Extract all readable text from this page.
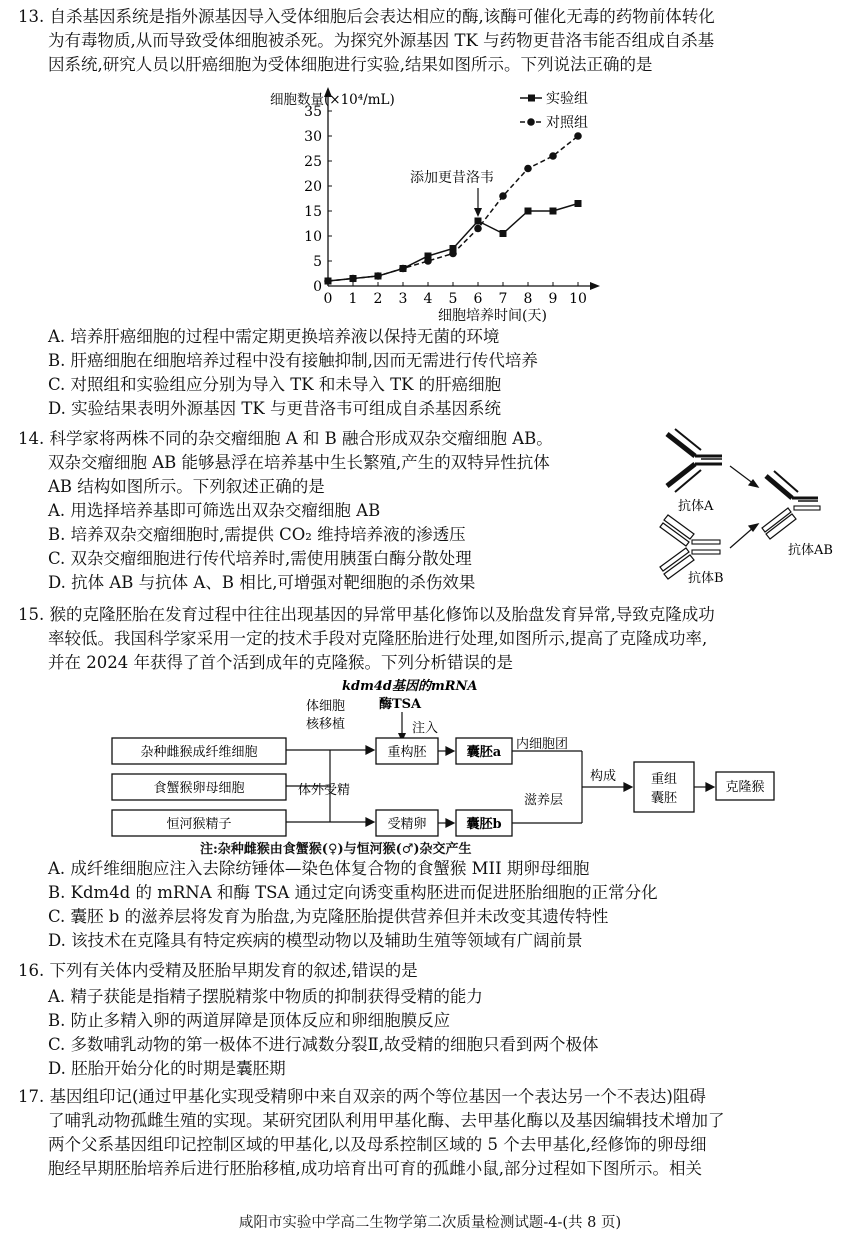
13. 自杀基因系统是指外源基因导入受体细胞后会表达相应的酶,该酶可催化无毒的药物前体转化
为有毒物质,从而导致受体细胞被杀死。为探究外源基因 TK 与药物更昔洛韦能否组成自杀基
因系统,研究人员以肝癌细胞为受体细胞进行实验,结果如图所示。下列说法正确的是
0
5
10
15
20
25
30
35
0 1 2 3 4 5 6 7 8 9 10
细胞数量(×10⁴/mL)
细胞培养时间(天)
实验组
对照组
添加更昔洛韦
A. 培养肝癌细胞的过程中需定期更换培养液以保持无菌的环境
B. 肝癌细胞在细胞培养过程中没有接触抑制,因而无需进行传代培养
C. 对照组和实验组应分别为导入 TK 和未导入 TK 的肝癌细胞
D. 实验结果表明外源基因 TK 与更昔洛韦可组成自杀基因系统
14. 科学家将两株不同的杂交瘤细胞 A 和 B 融合形成双杂交瘤细胞 AB。
双杂交瘤细胞 AB 能够悬浮在培养基中生长繁殖,产生的双特异性抗体
AB 结构如图所示。下列叙述正确的是
A. 用选择培养基即可筛选出双杂交瘤细胞 AB
B. 培养双杂交瘤细胞时,需提供 CO₂ 维持培养液的渗透压
C. 双杂交瘤细胞进行传代培养时,需使用胰蛋白酶分散处理
D. 抗体 AB 与抗体 A、B 相比,可增强对靶细胞的杀伤效果
抗体A
抗体B
抗体AB
15. 猴的克隆胚胎在发育过程中往往出现基因的异常甲基化修饰以及胎盘发育异常,导致克隆成功
率较低。我国科学家采用一定的技术手段对克隆胚胎进行处理,如图所示,提高了克隆成功率,
并在 2024 年获得了首个活到成年的克隆猴。下列分析错误的是
kdm4d基因的mRNA
酶TSA
注入
杂种雌猴成纤维细胞
食蟹猴卵母细胞
恒河猴精子
体细胞
核移植
体外受精
重构胚
受精卵
囊胚a
囊胚b
内细胞团
滋养层
构成	重组
囊胚
克隆猴
注:杂种雌猴由食蟹猴(♀)与恒河猴(♂)杂交产生
A. 成纤维细胞应注入去除纺锤体—染色体复合物的食蟹猴 MII 期卵母细胞
B. Kdm4d 的 mRNA 和酶 TSA 通过定向诱变重构胚进而促进胚胎细胞的正常分化
C. 囊胚 b 的滋养层将发育为胎盘,为克隆胚胎提供营养但并未改变其遗传特性
D. 该技术在克隆具有特定疾病的模型动物以及辅助生殖等领域有广阔前景
16. 下列有关体内受精及胚胎早期发育的叙述,错误的是
A. 精子获能是指精子摆脱精浆中物质的抑制获得受精的能力
B. 防止多精入卵的两道屏障是顶体反应和卵细胞膜反应
C. 多数哺乳动物的第一极体不进行减数分裂Ⅱ,故受精的细胞只看到两个极体
D. 胚胎开始分化的时期是囊胚期
17. 基因组印记(通过甲基化实现受精卵中来自双亲的两个等位基因一个表达另一个不表达)阻碍
了哺乳动物孤雌生殖的实现。某研究团队利用甲基化酶、去甲基化酶以及基因编辑技术增加了
两个父系基因组印记控制区域的甲基化,以及母系控制区域的 5 个去甲基化,经修饰的卵母细
胞经早期胚胎培养后进行胚胎移植,成功培育出可育的孤雌小鼠,部分过程如下图所示。相关
咸阳市实验中学高二生物学第二次质量检测试题-4-(共 8 页)
